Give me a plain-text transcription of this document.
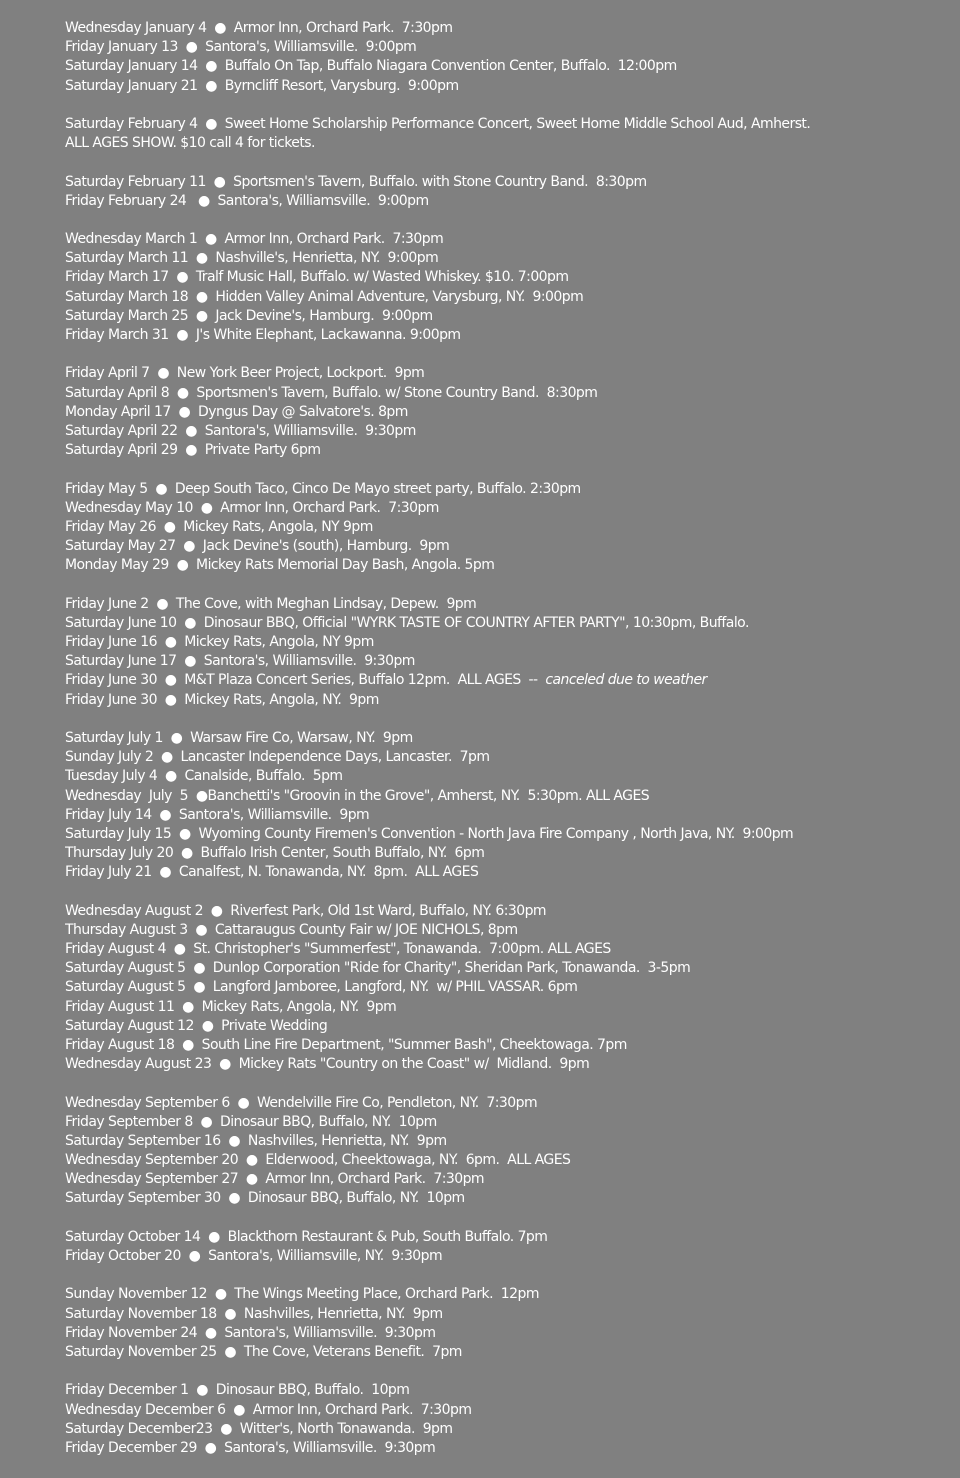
Wednesday January 4  ●  Armor Inn, Orchard Park.  7:30pm
Friday January 13  ●  Santora's, Williamsville.  9:00pm
Saturday January 14  ●  Buffalo On Tap, Buffalo Niagara Convention Center, Buffalo.  12:00pm
Saturday January 21  ●  Byrncliff Resort, Varysburg.  9:00pm
Saturday February 4  ●  Sweet Home Scholarship Performance Concert, Sweet Home Middle School Aud, Amherst.
ALL AGES SHOW. $10 call 4 for tickets.
Saturday February 11  ●  Sportsmen's Tavern, Buffalo. with Stone Country Band.  8:30pm
Friday February 24   ●  Santora's, Williamsville.  9:00pm
Wednesday March 1  ●  Armor Inn, Orchard Park.  7:30pm
Saturday March 11  ●  Nashville's, Henrietta, NY.  9:00pm
Friday March 17  ●  Tralf Music Hall, Buffalo. w/ Wasted Whiskey. $10. 7:00pm
Saturday March 18  ●  Hidden Valley Animal Adventure, Varysburg, NY.  9:00pm
Saturday March 25  ●  Jack Devine's, Hamburg.  9:00pm
Friday March 31  ●  J's White Elephant, Lackawanna. 9:00pm
Friday April 7  ●  New York Beer Project, Lockport.  9pm
Saturday April 8  ●  Sportsmen's Tavern, Buffalo. w/ Stone Country Band.  8:30pm
Monday April 17  ●  Dyngus Day @ Salvatore's. 8pm
Saturday April 22  ●  Santora's, Williamsville.  9:30pm
Saturday April 29  ●  Private Party 6pm
Friday May 5  ●  Deep South Taco, Cinco De Mayo street party, Buffalo. 2:30pm
Wednesday May 10  ●  Armor Inn, Orchard Park.  7:30pm
Friday May 26  ●  Mickey Rats, Angola, NY 9pm
Saturday May 27  ●  Jack Devine's (south), Hamburg.  9pm
Monday May 29  ●  Mickey Rats Memorial Day Bash, Angola. 5pm
Friday June 2  ●  The Cove, with Meghan Lindsay, Depew.  9pm
Saturday June 10  ●  Dinosaur BBQ, Official "WYRK TASTE OF COUNTRY AFTER PARTY", 10:30pm, Buffalo.
Friday June 16  ●  Mickey Rats, Angola, NY 9pm
Saturday June 17  ●  Santora's, Williamsville.  9:30pm
Friday June 30  ●  M&T Plaza Concert Series, Buffalo 12pm.  ALL AGES  --  canceled due to weather
Friday June 30  ●  Mickey Rats, Angola, NY.  9pm
Saturday July 1  ●  Warsaw Fire Co, Warsaw, NY.  9pm
Sunday July 2  ●  Lancaster Independence Days, Lancaster.  7pm
Tuesday July 4  ●  Canalside, Buffalo.  5pm
Wednesday  July  5  ●Banchetti's "Groovin in the Grove", Amherst, NY.  5:30pm. ALL AGES
Friday July 14  ●  Santora's, Williamsville.  9pm
Saturday July 15  ●  Wyoming County Firemen's Convention - North Java Fire Company , North Java, NY.  9:00pm
Thursday July 20  ●  Buffalo Irish Center, South Buffalo, NY.  6pm
Friday July 21  ●  Canalfest, N. Tonawanda, NY.  8pm.  ALL AGES
Wednesday August 2  ●  Riverfest Park, Old 1st Ward, Buffalo, NY. 6:30pm
Thursday August 3  ●  Cattaraugus County Fair w/ JOE NICHOLS, 8pm
Friday August 4  ●  St. Christopher's "Summerfest", Tonawanda.  7:00pm. ALL AGES
Saturday August 5  ●  Dunlop Corporation "Ride for Charity", Sheridan Park, Tonawanda.  3-5pm
Saturday August 5  ●  Langford Jamboree, Langford, NY.  w/ PHIL VASSAR. 6pm
Friday August 11  ●  Mickey Rats, Angola, NY.  9pm
Saturday August 12  ●  Private Wedding
Friday August 18  ●  South Line Fire Department, "Summer Bash", Cheektowaga. 7pm
Wednesday August 23  ●  Mickey Rats "Country on the Coast" w/  Midland.  9pm
Wednesday September 6  ●  Wendelville Fire Co, Pendleton, NY.  7:30pm
Friday September 8  ●  Dinosaur BBQ, Buffalo, NY.  10pm
Saturday September 16  ●  Nashvilles, Henrietta, NY.  9pm
Wednesday September 20  ●  Elderwood, Cheektowaga, NY.  6pm.  ALL AGES
Wednesday September 27  ●  Armor Inn, Orchard Park.  7:30pm
Saturday September 30  ●  Dinosaur BBQ, Buffalo, NY.  10pm
Saturday October 14  ●  Blackthorn Restaurant & Pub, South Buffalo. 7pm
Friday October 20  ●  Santora's, Williamsville, NY.  9:30pm
Sunday November 12  ●  The Wings Meeting Place, Orchard Park.  12pm
Saturday November 18  ●  Nashvilles, Henrietta, NY.  9pm
Friday November 24  ●  Santora's, Williamsville.  9:30pm
Saturday November 25  ●  The Cove, Veterans Benefit.  7pm
Friday December 1  ●  Dinosaur BBQ, Buffalo.  10pm
Wednesday December 6  ●  Armor Inn, Orchard Park.  7:30pm
Saturday December23  ●  Witter's, North Tonawanda.  9pm
Friday December 29  ●  Santora's, Williamsville.  9:30pm
